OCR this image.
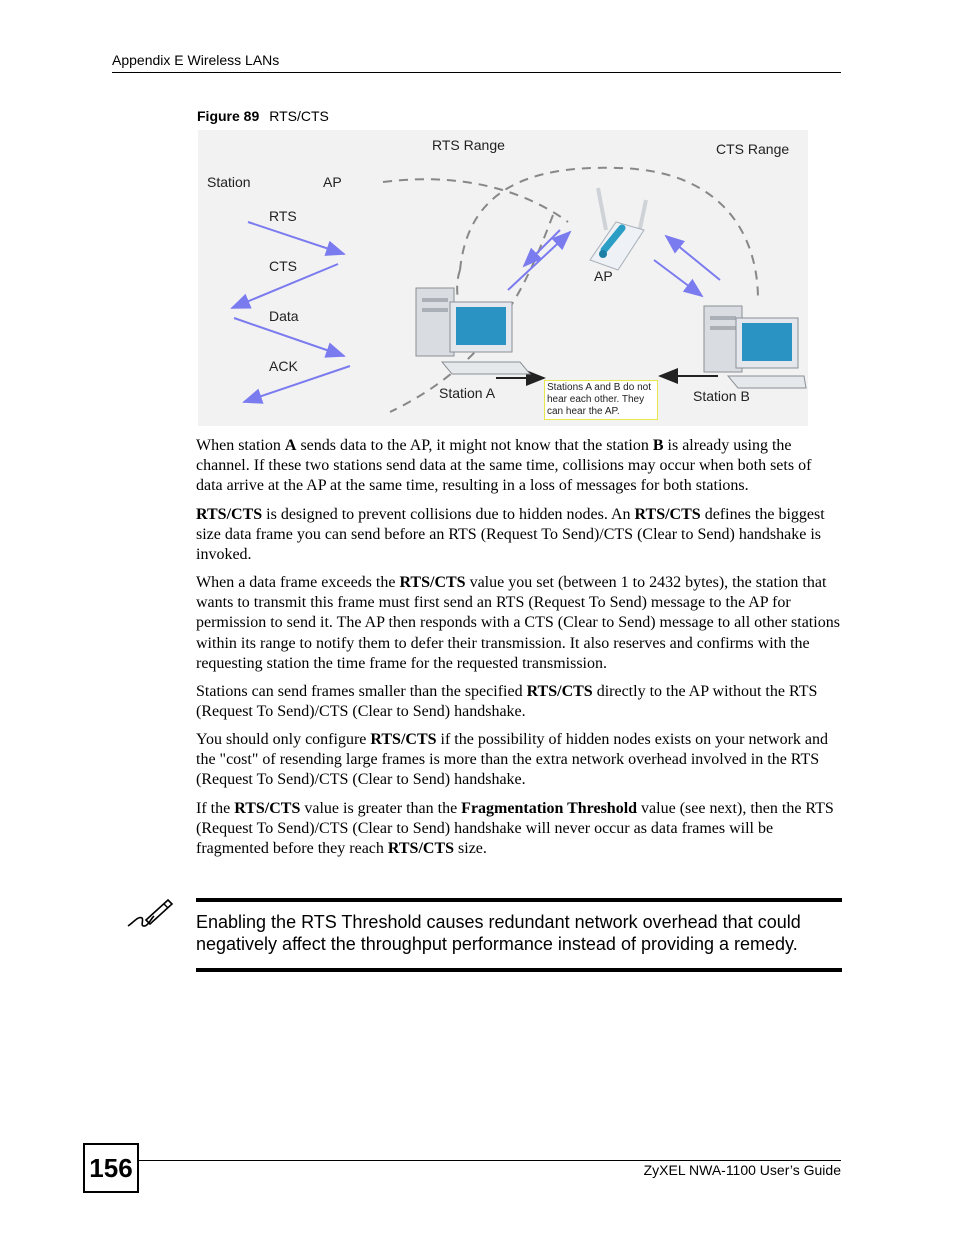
Appendix E Wireless LANs
Figure 89 RTS/CTS
RTS Range	CTS Range
Station	AP
RTS
CTS
Data
ACK
AP
Station A	Station B
Stations A and B do not hear each other. They can hear the AP.

When station A sends data to the AP, it might not know that the station B is already using the channel. If these two stations send data at the same time, collisions may occur when both sets of data arrive at the AP at the same time, resulting in a loss of messages for both stations.

RTS/CTS is designed to prevent collisions due to hidden nodes. An RTS/CTS defines the biggest size data frame you can send before an RTS (Request To Send)/CTS (Clear to Send) handshake is invoked.

When a data frame exceeds the RTS/CTS value you set (between 1 to 2432 bytes), the station that wants to transmit this frame must first send an RTS (Request To Send) message to the AP for permission to send it. The AP then responds with a CTS (Clear to Send) message to all other stations within its range to notify them to defer their transmission. It also reserves and confirms with the requesting station the time frame for the requested transmission.

Stations can send frames smaller than the specified RTS/CTS directly to the AP without the RTS (Request To Send)/CTS (Clear to Send) handshake.

You should only configure RTS/CTS if the possibility of hidden nodes exists on your network and the "cost" of resending large frames is more than the extra network overhead involved in the RTS (Request To Send)/CTS (Clear to Send) handshake.

If the RTS/CTS value is greater than the Fragmentation Threshold value (see next), then the RTS (Request To Send)/CTS (Clear to Send) handshake will never occur as data frames will be fragmented before they reach RTS/CTS size.

Enabling the RTS Threshold causes redundant network overhead that could negatively affect the throughput performance instead of providing a remedy.
156	ZyXEL NWA-1100 User’s Guide
